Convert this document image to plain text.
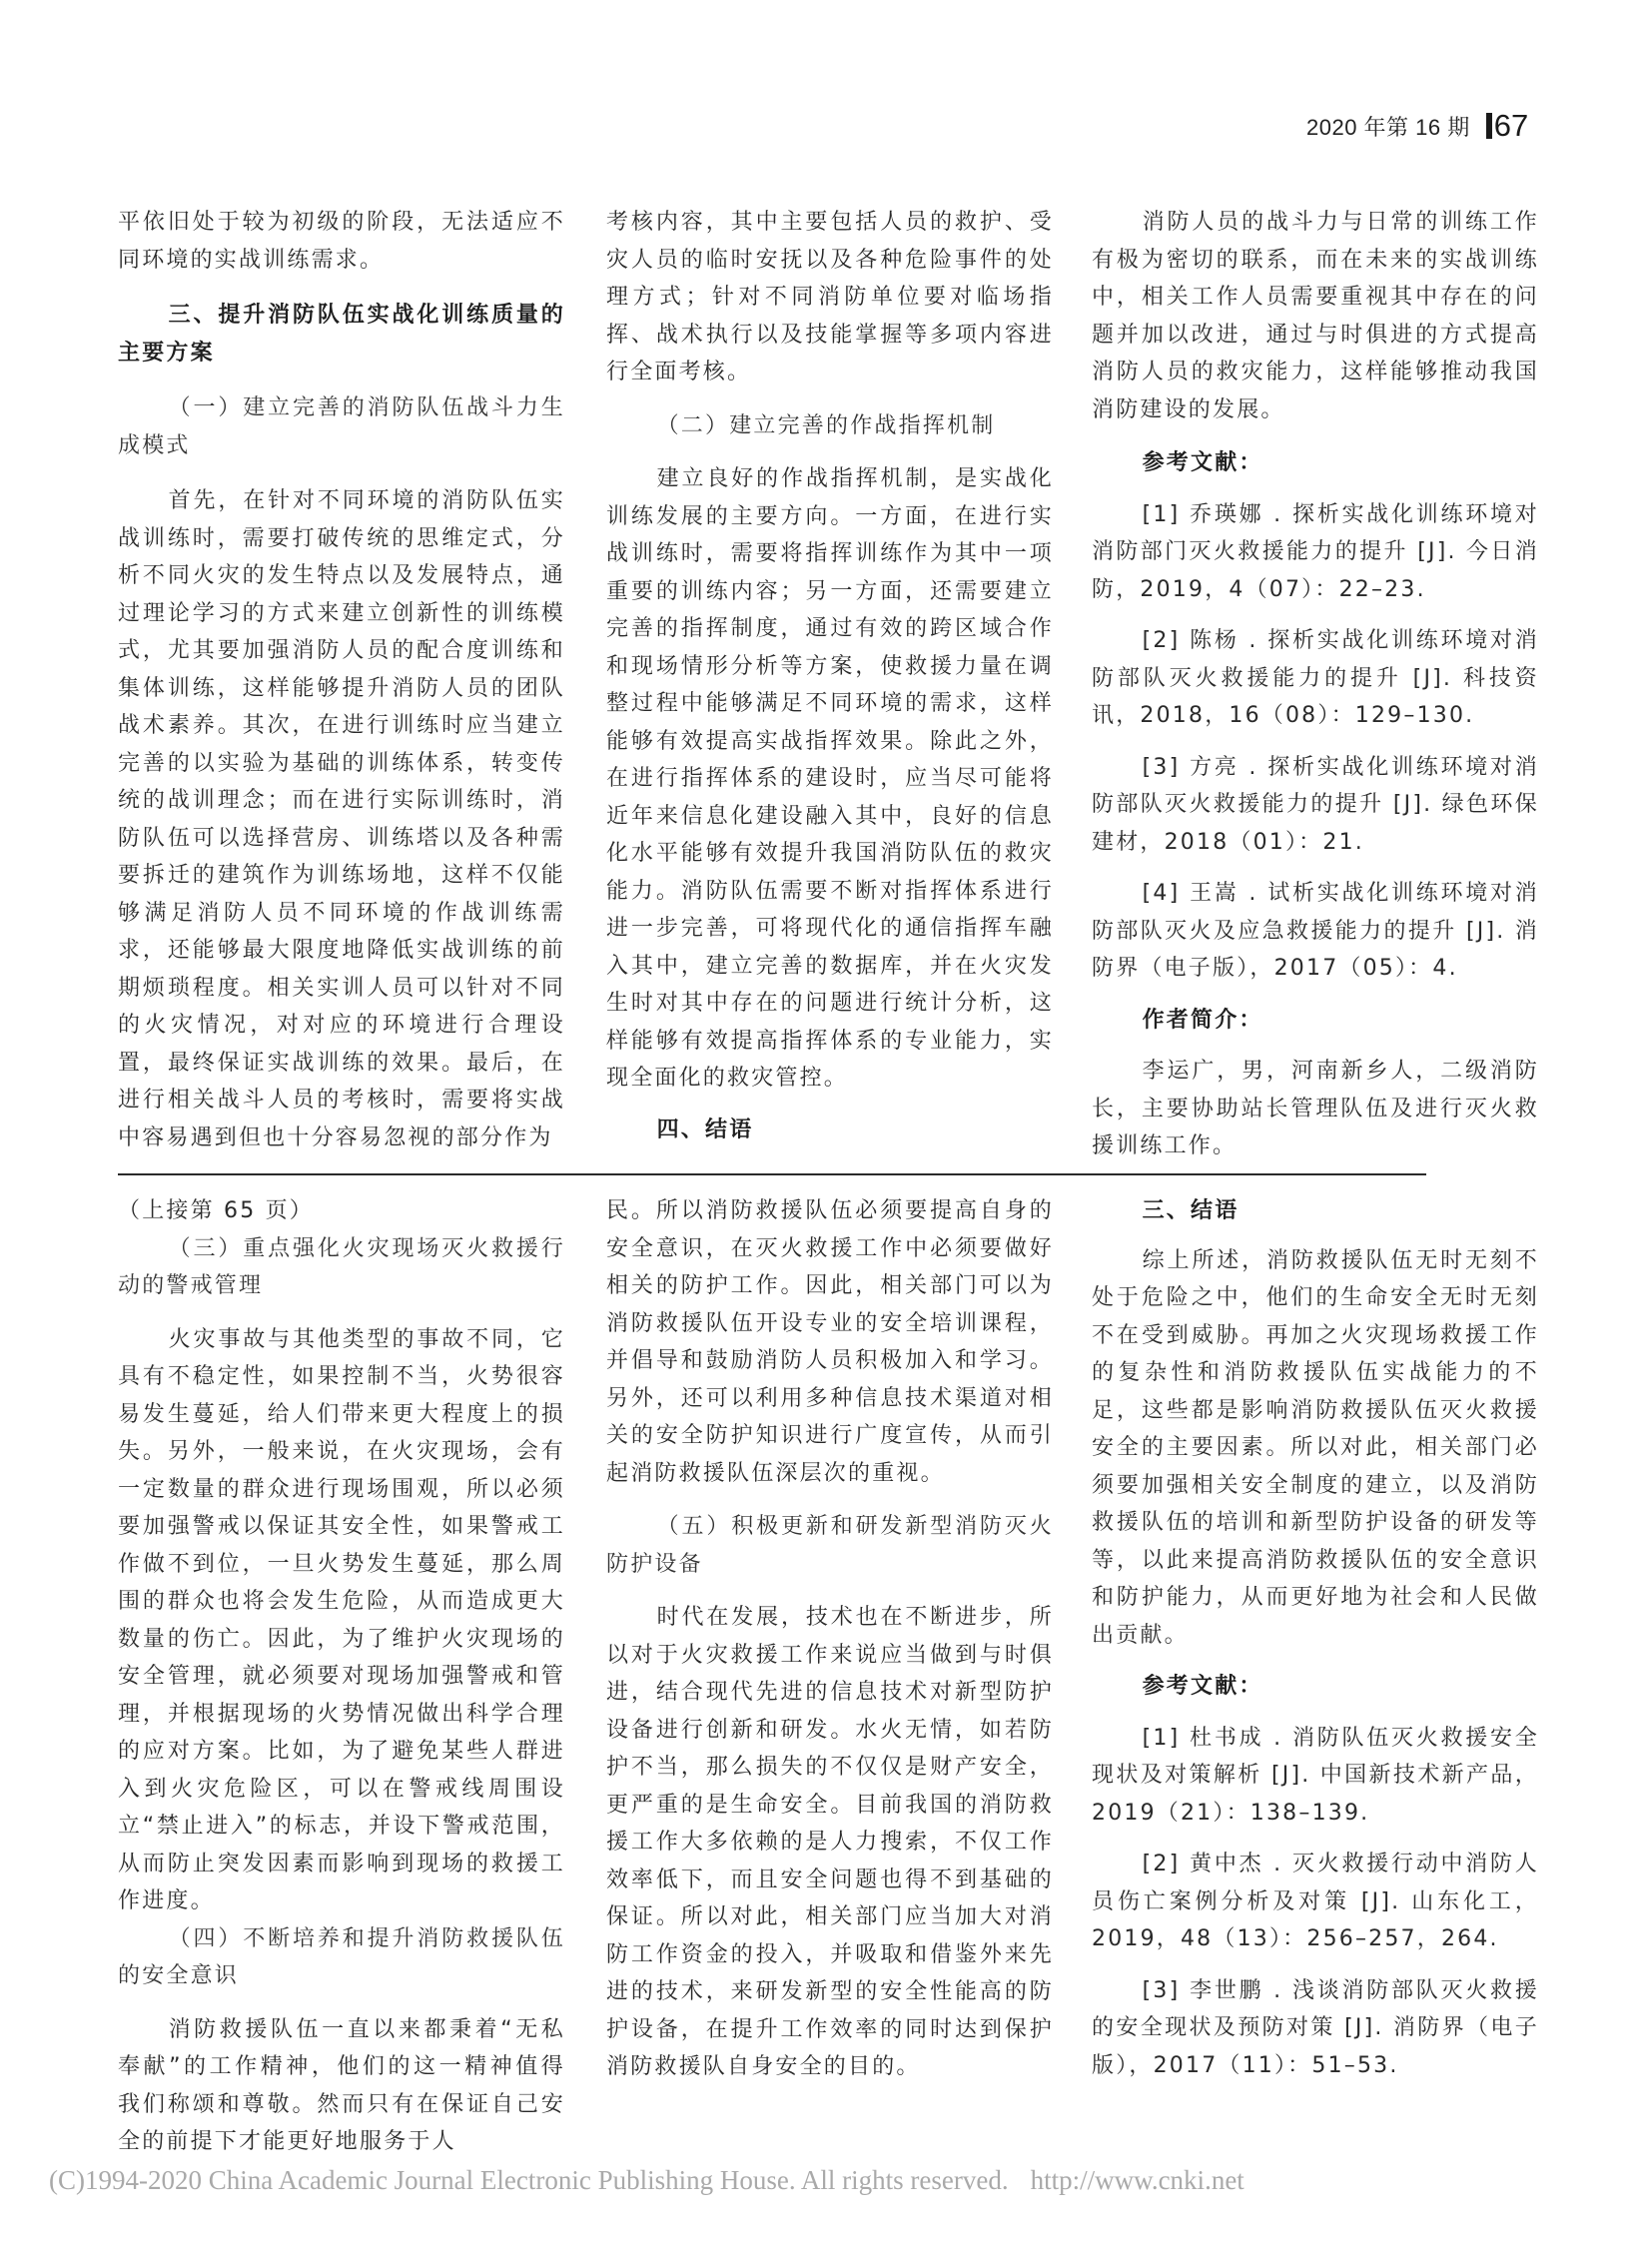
2020 年第 16 期 67

平依旧处于较为初级的阶段，无法适应不同环境的实战训练需求。

三、提升消防队伍实战化训练质量的主要方案

（一）建立完善的消防队伍战斗力生成模式

首先，在针对不同环境的消防队伍实战训练时，需要打破传统的思维定式，分析不同火灾的发生特点以及发展特点，通过理论学习的方式来建立创新性的训练模式，尤其要加强消防人员的配合度训练和集体训练，这样能够提升消防人员的团队战术素养。其次，在进行训练时应当建立完善的以实验为基础的训练体系，转变传统的战训理念；而在进行实际训练时，消防队伍可以选择营房、训练塔以及各种需要拆迁的建筑作为训练场地，这样不仅能够满足消防人员不同环境的作战训练需求，还能够最大限度地降低实战训练的前期烦琐程度。相关实训人员可以针对不同的火灾情况，对对应的环境进行合理设置，最终保证实战训练的效果。最后，在进行相关战斗人员的考核时，需要将实战中容易遇到但也十分容易忽视的部分作为

考核内容，其中主要包括人员的救护、受灾人员的临时安抚以及各种危险事件的处理方式；针对不同消防单位要对临场指挥、战术执行以及技能掌握等多项内容进行全面考核。

（二）建立完善的作战指挥机制

建立良好的作战指挥机制，是实战化训练发展的主要方向。一方面，在进行实战训练时，需要将指挥训练作为其中一项重要的训练内容；另一方面，还需要建立完善的指挥制度，通过有效的跨区域合作和现场情形分析等方案，使救援力量在调整过程中能够满足不同环境的需求，这样能够有效提高实战指挥效果。除此之外，在进行指挥体系的建设时，应当尽可能将近年来信息化建设融入其中，良好的信息化水平能够有效提升我国消防队伍的救灾能力。消防队伍需要不断对指挥体系进行进一步完善，可将现代化的通信指挥车融入其中，建立完善的数据库，并在火灾发生时对其中存在的问题进行统计分析，这样能够有效提高指挥体系的专业能力，实现全面化的救灾管控。

四、结语

消防人员的战斗力与日常的训练工作有极为密切的联系，而在未来的实战训练中，相关工作人员需要重视其中存在的问题并加以改进，通过与时俱进的方式提高消防人员的救灾能力，这样能够推动我国消防建设的发展。

参考文献：

[1] 乔瑛娜 . 探析实战化训练环境对消防部门灭火救援能力的提升 [J]. 今日消防，2019，4（07）：22–23.

[2] 陈杨 . 探析实战化训练环境对消防部队灭火救援能力的提升 [J]. 科技资讯，2018，16（08）：129–130.

[3] 方亮 . 探析实战化训练环境对消防部队灭火救援能力的提升 [J]. 绿色环保建材，2018（01）：21.

[4] 王嵩 . 试析实战化训练环境对消防部队灭火及应急救援能力的提升 [J]. 消防界（电子版），2017（05）：4.

作者简介：

李运广，男，河南新乡人，二级消防长，主要协助站长管理队伍及进行灭火救援训练工作。

（上接第 65 页）

（三）重点强化火灾现场灭火救援行动的警戒管理

火灾事故与其他类型的事故不同，它具有不稳定性，如果控制不当，火势很容易发生蔓延，给人们带来更大程度上的损失。另外，一般来说，在火灾现场，会有一定数量的群众进行现场围观，所以必须要加强警戒以保证其安全性，如果警戒工作做不到位，一旦火势发生蔓延，那么周围的群众也将会发生危险，从而造成更大数量的伤亡。因此，为了维护火灾现场的安全管理，就必须要对现场加强警戒和管理，并根据现场的火势情况做出科学合理的应对方案。比如，为了避免某些人群进入到火灾危险区，可以在警戒线周围设立“禁止进入”的标志，并设下警戒范围，从而防止突发因素而影响到现场的救援工作进度。

（四）不断培养和提升消防救援队伍的安全意识

消防救援队伍一直以来都秉着“无私奉献”的工作精神，他们的这一精神值得我们称颂和尊敬。然而只有在保证自己安全的前提下才能更好地服务于人

民。所以消防救援队伍必须要提高自身的安全意识，在灭火救援工作中必须要做好相关的防护工作。因此，相关部门可以为消防救援队伍开设专业的安全培训课程，并倡导和鼓励消防人员积极加入和学习。另外，还可以利用多种信息技术渠道对相关的安全防护知识进行广度宣传，从而引起消防救援队伍深层次的重视。

（五）积极更新和研发新型消防灭火防护设备

时代在发展，技术也在不断进步，所以对于火灾救援工作来说应当做到与时俱进，结合现代先进的信息技术对新型防护设备进行创新和研发。水火无情，如若防护不当，那么损失的不仅仅是财产安全，更严重的是生命安全。目前我国的消防救援工作大多依赖的是人力搜索，不仅工作效率低下，而且安全问题也得不到基础的保证。所以对此，相关部门应当加大对消防工作资金的投入，并吸取和借鉴外来先进的技术，来研发新型的安全性能高的防护设备，在提升工作效率的同时达到保护消防救援队自身安全的目的。

三、结语

综上所述，消防救援队伍无时无刻不处于危险之中，他们的生命安全无时无刻不在受到威胁。再加之火灾现场救援工作的复杂性和消防救援队伍实战能力的不足，这些都是影响消防救援队伍灭火救援安全的主要因素。所以对此，相关部门必须要加强相关安全制度的建立，以及消防救援队伍的培训和新型防护设备的研发等等，以此来提高消防救援队伍的安全意识和防护能力，从而更好地为社会和人民做出贡献。

参考文献：

[1] 杜书成 . 消防队伍灭火救援安全现状及对策解析 [J]. 中国新技术新产品，2019（21）：138–139.

[2] 黄中杰 . 灭火救援行动中消防人员伤亡案例分析及对策 [J]. 山东化工，2019，48（13）：256–257，264.

[3] 李世鹏 . 浅谈消防部队灭火救援的安全现状及预防对策 [J]. 消防界（电子版），2017（11）：51–53.

(C)1994-2020 China Academic Journal Electronic Publishing House. All rights reserved. http://www.cnki.net
